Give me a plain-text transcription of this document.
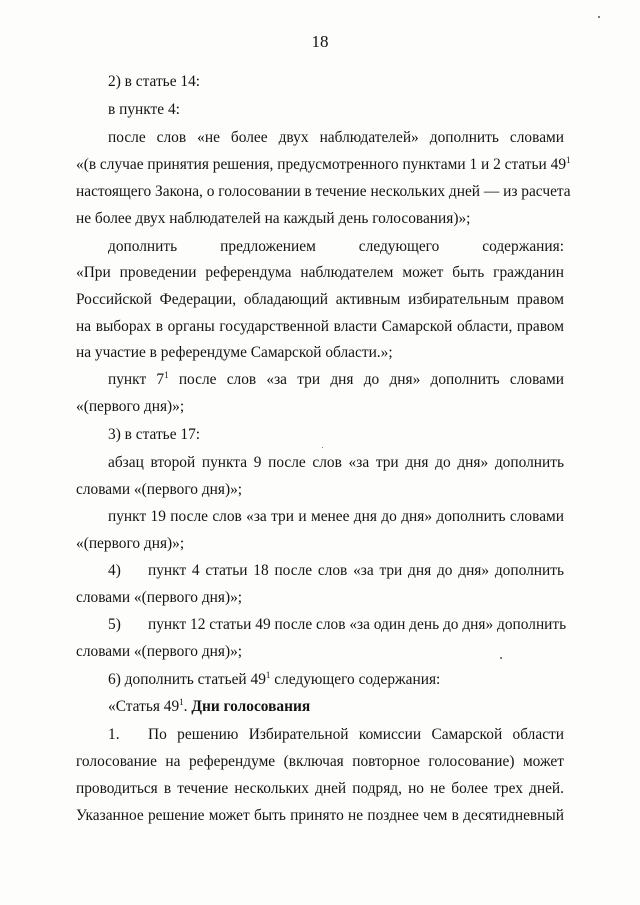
18
2) в статье 14:
в пункте 4:
после слов «не более двух наблюдателей» дополнить словами
«(в случае принятия решения, предусмотренного пунктами 1 и 2 статьи $49^1$
настоящего Закона, о голосовании в течение нескольких дней — из расчета
не более двух наблюдателей на каждый день голосования)»;
дополнить предложением следующего содержания:
«При проведении референдума наблюдателем может быть гражданин
Российской Федерации, обладающий активным избирательным правом
на выборах в органы государственной власти Самарской области, правом
на участие в референдуме Самарской области.»;
пункт $7^1$ после слов «за три дня до дня» дополнить словами
«(первого дня)»;
3) в статье 17:
абзац второй пункта 9 после слов «за три дня до дня» дополнить
словами «(первого дня)»;
пункт 19 после слов «за три и менее дня до дня» дополнить словами
«(первого дня)»;
4) пункт 4 статьи 18 после слов «за три дня до дня» дополнить
словами «(первого дня)»;
5) пункт 12 статьи 49 после слов «за один день до дня» дополнить
словами «(первого дня)»;
6) дополнить статьей $49^1$ следующего содержания:
«Статья $49^1$. Дни голосования
1. По решению Избирательной комиссии Самарской области
голосование на референдуме (включая повторное голосование) может
проводиться в течение нескольких дней подряд, но не более трех дней.
Указанное решение может быть принято не позднее чем в десятидневный
